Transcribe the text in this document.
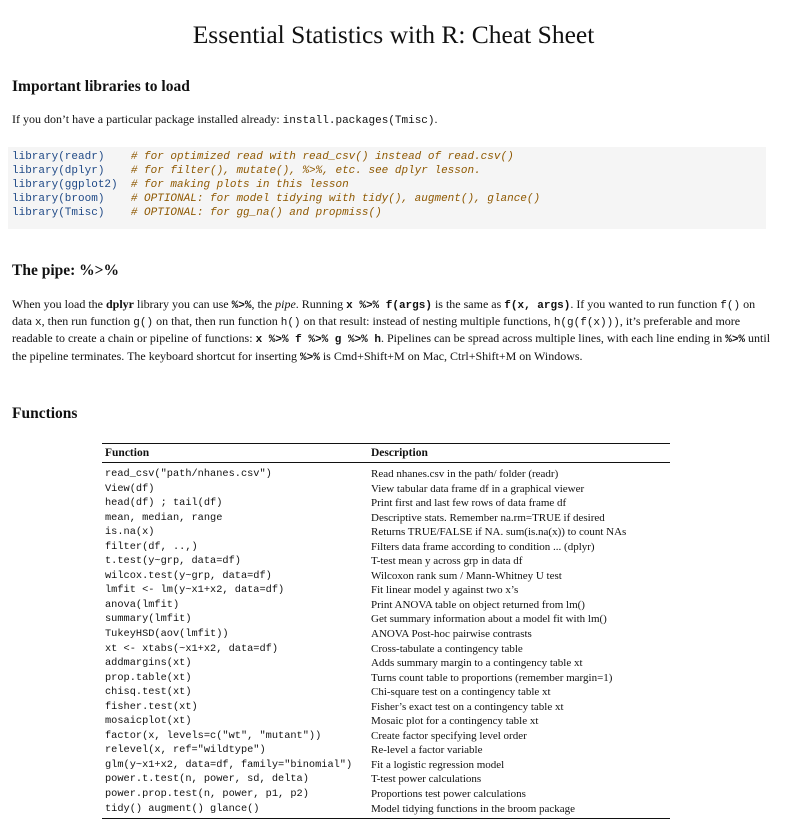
Essential Statistics with R: Cheat Sheet
Important libraries to load
If you don’t have a particular package installed already: install.packages(Tmisc).
library(readr)    # for optimized read with read_csv() instead of read.csv()
library(dplyr)    # for filter(), mutate(), %>%, etc. see dplyr lesson.
library(ggplot2) # for making plots in this lesson
library(broom)    # OPTIONAL: for model tidying with tidy(), augment(), glance()
library(Tmisc)    # OPTIONAL: for gg_na() and propmiss()
The pipe: %>%
When you load the dplyr library you can use %>%, the pipe. Running x %>% f(args) is the same as f(x, args). If you wanted to run function f() on data x, then run function g() on that, then run function h() on that result: instead of nesting multiple functions, h(g(f(x))), it’s preferable and more readable to create a chain or pipeline of functions: x %>% f %>% g %>% h. Pipelines can be spread across multiple lines, with each line ending in %>% until the pipeline terminates. The keyboard shortcut for inserting %>% is Cmd+Shift+M on Mac, Ctrl+Shift+M on Windows.
Functions
Function	Description
read_csv("path/nhanes.csv")	Read nhanes.csv in the path/ folder (readr)
View(df)	View tabular data frame df in a graphical viewer
head(df) ; tail(df)	Print first and last few rows of data frame df
mean, median, range	Descriptive stats. Remember na.rm=TRUE if desired
is.na(x)	Returns TRUE/FALSE if NA. sum(is.na(x)) to count NAs
filter(df, ..,)	Filters data frame according to condition ... (dplyr)
t.test(y~grp, data=df)	T-test mean y across grp in data df
wilcox.test(y~grp, data=df)	Wilcoxon rank sum / Mann-Whitney U test
lmfit <- lm(y~x1+x2, data=df)	Fit linear model y against two x’s
anova(lmfit)	Print ANOVA table on object returned from lm()
summary(lmfit)	Get summary information about a model fit with lm()
TukeyHSD(aov(lmfit))	ANOVA Post-hoc pairwise contrasts
xt <- xtabs(~x1+x2, data=df)	Cross-tabulate a contingency table
addmargins(xt)	Adds summary margin to a contingency table xt
prop.table(xt)	Turns count table to proportions (remember margin=1)
chisq.test(xt)	Chi-square test on a contingency table xt
fisher.test(xt)	Fisher’s exact test on a contingency table xt
mosaicplot(xt)	Mosaic plot for a contingency table xt
factor(x, levels=c("wt", "mutant"))	Create factor specifying level order
relevel(x, ref="wildtype")	Re-level a factor variable
glm(y~x1+x2, data=df, family="binomial")	Fit a logistic regression model
power.t.test(n, power, sd, delta)	T-test power calculations
power.prop.test(n, power, p1, p2)	Proportions test power calculations
tidy() augment() glance()	Model tidying functions in the broom package
